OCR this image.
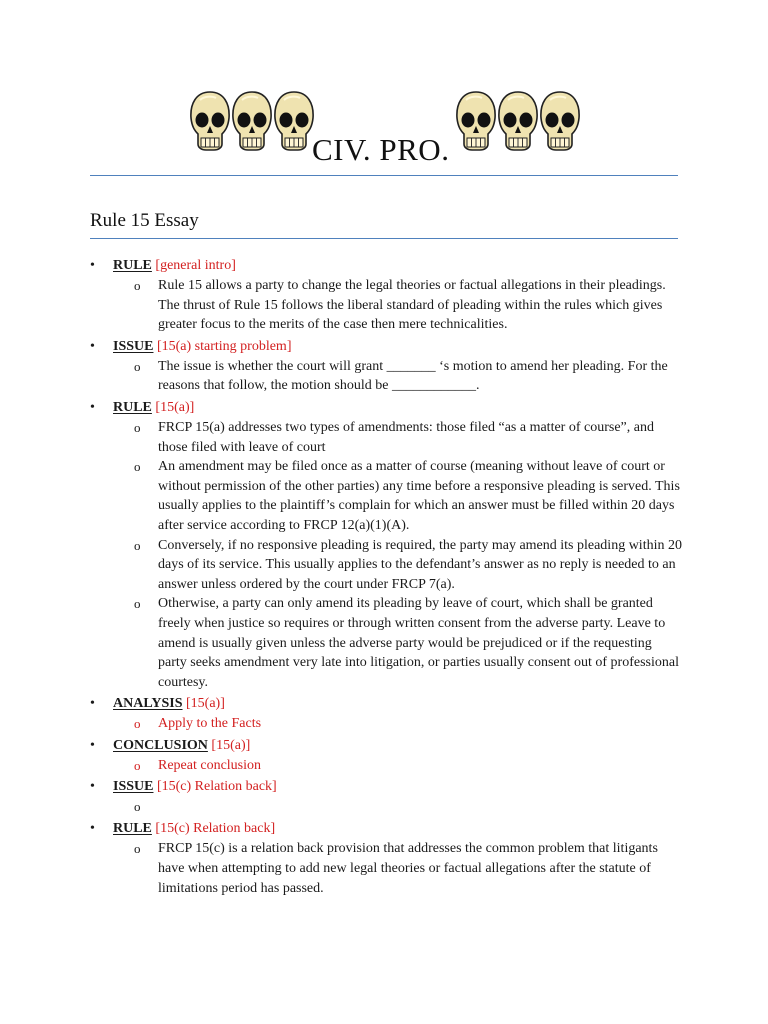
CIV. PRO.
Rule 15 Essay
• RULE [general intro]
o Rule 15 allows a party to change the legal theories or factual allegations in their pleadings. The thrust of Rule 15 follows the liberal standard of pleading within the rules which gives greater focus to the merits of the case then mere technicalities.
• ISSUE [15(a) starting problem]
o The issue is whether the court will grant _______ ‘s motion to amend her pleading. For the reasons that follow, the motion should be ____________.
• RULE [15(a)]
o FRCP 15(a) addresses two types of amendments: those filed “as a matter of course”, and those filed with leave of court
o An amendment may be filed once as a matter of course (meaning without leave of court or without permission of the other parties) any time before a responsive pleading is served. This usually applies to the plaintiff’s complain for which an answer must be filled within 20 days after service according to FRCP 12(a)(1)(A).
o Conversely, if no responsive pleading is required, the party may amend its pleading within 20 days of its service. This usually applies to the defendant’s answer as no reply is needed to an answer unless ordered by the court under FRCP 7(a).
o Otherwise, a party can only amend its pleading by leave of court, which shall be granted freely when justice so requires or through written consent from the adverse party. Leave to amend is usually given unless the adverse party would be prejudiced or if the requesting party seeks amendment very late into litigation, or parties usually consent out of professional courtesy.
• ANALYSIS [15(a)]
o Apply to the Facts
• CONCLUSION [15(a)]
o Repeat conclusion
• ISSUE [15(c) Relation back]
o
• RULE [15(c) Relation back]
o FRCP 15(c) is a relation back provision that addresses the common problem that litigants have when attempting to add new legal theories or factual allegations after the statute of limitations period has passed.
